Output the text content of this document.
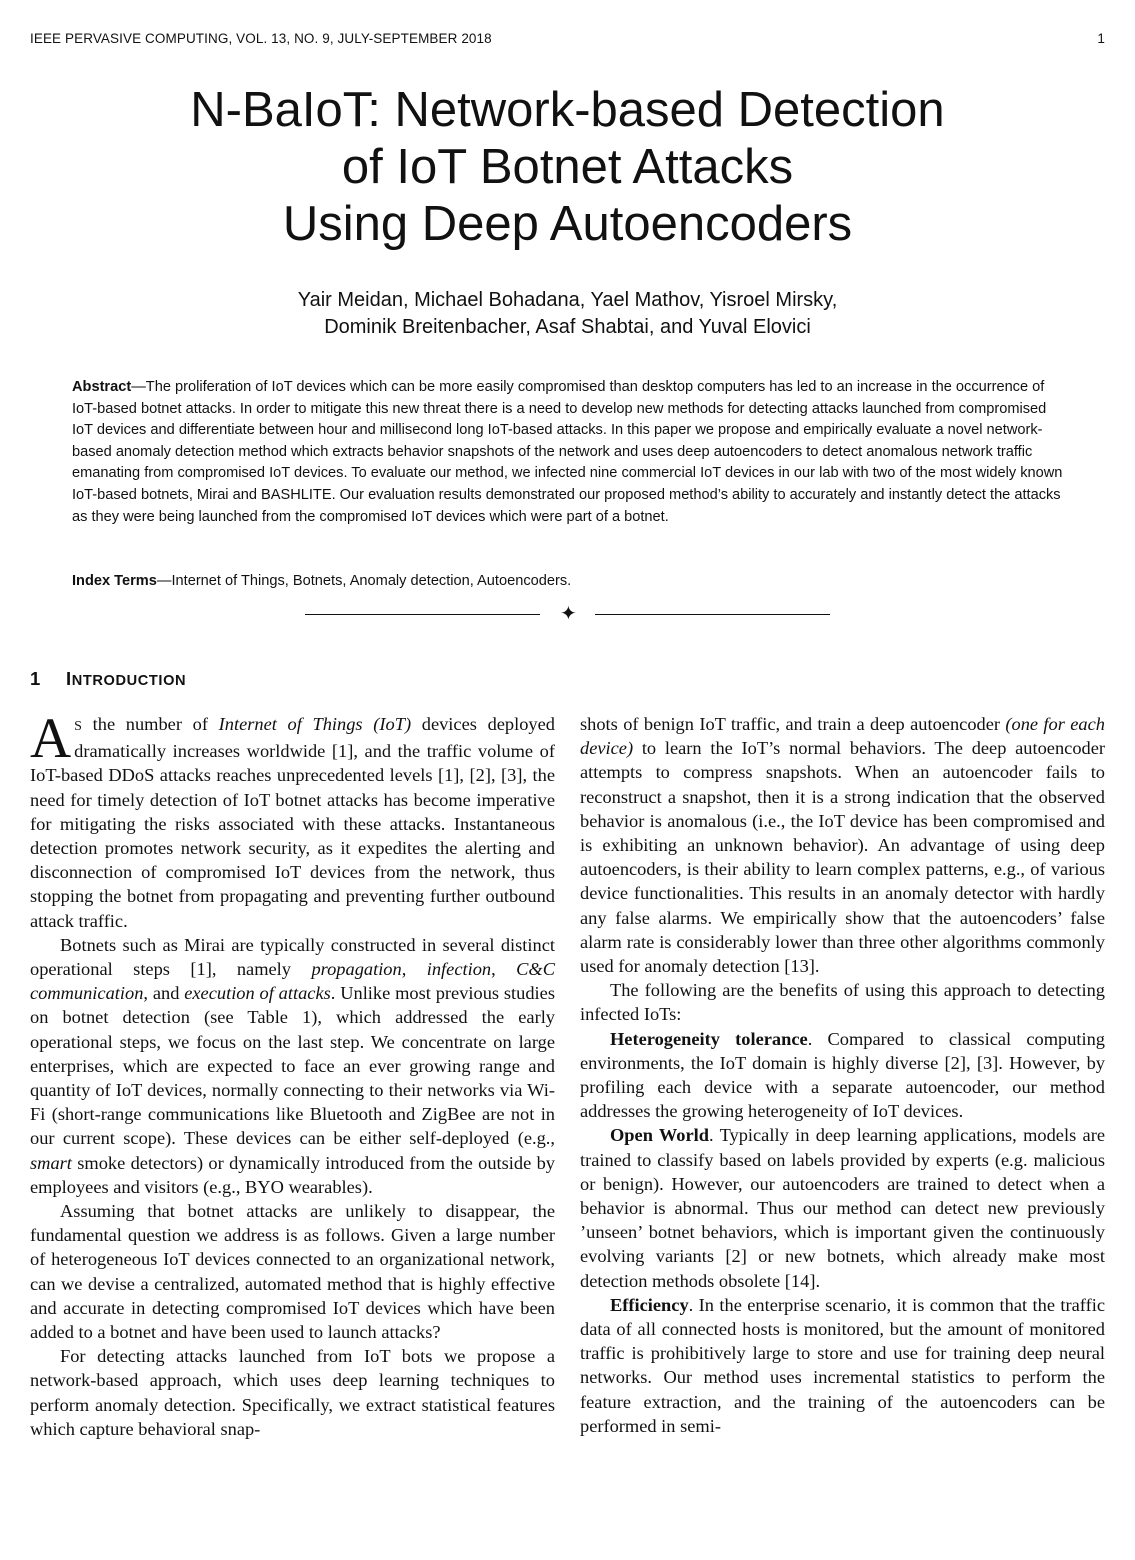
IEEE PERVASIVE COMPUTING, VOL. 13, NO. 9, JULY-SEPTEMBER 2018	1
N-BaIoT: Network-based Detection
of IoT Botnet Attacks
Using Deep Autoencoders
Yair Meidan, Michael Bohadana, Yael Mathov, Yisroel Mirsky,
Dominik Breitenbacher, Asaf Shabtai, and Yuval Elovici
Abstract—The proliferation of IoT devices which can be more easily compromised than desktop computers has led to an increase in the occurrence of IoT-based botnet attacks. In order to mitigate this new threat there is a need to develop new methods for detecting attacks launched from compromised IoT devices and differentiate between hour and millisecond long IoT-based attacks. In this paper we propose and empirically evaluate a novel network-based anomaly detection method which extracts behavior snapshots of the network and uses deep autoencoders to detect anomalous network traffic emanating from compromised IoT devices. To evaluate our method, we infected nine commercial IoT devices in our lab with two of the most widely known IoT-based botnets, Mirai and BASHLITE. Our evaluation results demonstrated our proposed method’s ability to accurately and instantly detect the attacks as they were being launched from the compromised IoT devices which were part of a botnet.
Index Terms—Internet of Things, Botnets, Anomaly detection, Autoencoders.
✦
1 INTRODUCTION

A S the number of Internet of Things (IoT) devices deployed dramatically increases worldwide [1], and the traffic volume of IoT-based DDoS attacks reaches unprecedented levels [1], [2], [3], the need for timely detection of IoT botnet attacks has become imperative for mitigating the risks associated with these attacks. Instantaneous detection promotes network security, as it expedites the alerting and disconnection of compromised IoT devices from the network, thus stopping the botnet from propagating and preventing further outbound attack traffic.

Botnets such as Mirai are typically constructed in several distinct operational steps [1], namely propagation, infection, C&C communication, and execution of attacks. Unlike most previous studies on botnet detection (see Table 1), which addressed the early operational steps, we focus on the last step. We concentrate on large enterprises, which are expected to face an ever growing range and quantity of IoT devices, normally connecting to their networks via Wi-Fi (short-range communications like Bluetooth and ZigBee are not in our current scope). These devices can be either self-deployed (e.g., smart smoke detectors) or dynamically introduced from the outside by employees and visitors (e.g., BYO wearables).

Assuming that botnet attacks are unlikely to disappear, the fundamental question we address is as follows. Given a large number of heterogeneous IoT devices connected to an organizational network, can we devise a centralized, automated method that is highly effective and accurate in detecting compromised IoT devices which have been added to a botnet and have been used to launch attacks?

For detecting attacks launched from IoT bots we propose a network-based approach, which uses deep learning techniques to perform anomaly detection. Specifically, we extract statistical features which capture behavioral snap-

shots of benign IoT traffic, and train a deep autoencoder (one for each device) to learn the IoT’s normal behaviors. The deep autoencoder attempts to compress snapshots. When an autoencoder fails to reconstruct a snapshot, then it is a strong indication that the observed behavior is anomalous (i.e., the IoT device has been compromised and is exhibiting an unknown behavior). An advantage of using deep autoencoders, is their ability to learn complex patterns, e.g., of various device functionalities. This results in an anomaly detector with hardly any false alarms. We empirically show that the autoencoders’ false alarm rate is considerably lower than three other algorithms commonly used for anomaly detection [13].

The following are the benefits of using this approach to detecting infected IoTs:

Heterogeneity tolerance. Compared to classical computing environments, the IoT domain is highly diverse [2], [3]. However, by profiling each device with a separate autoencoder, our method addresses the growing heterogeneity of IoT devices.

Open World. Typically in deep learning applications, models are trained to classify based on labels provided by experts (e.g. malicious or benign). However, our autoencoders are trained to detect when a behavior is abnormal. Thus our method can detect new previously ’unseen’ botnet behaviors, which is important given the continuously evolving variants [2] or new botnets, which already make most detection methods obsolete [14].

Efficiency. In the enterprise scenario, it is common that the traffic data of all connected hosts is monitored, but the amount of monitored traffic is prohibitively large to store and use for training deep neural networks. Our method uses incremental statistics to perform the feature extraction, and the training of the autoencoders can be performed in semi-
